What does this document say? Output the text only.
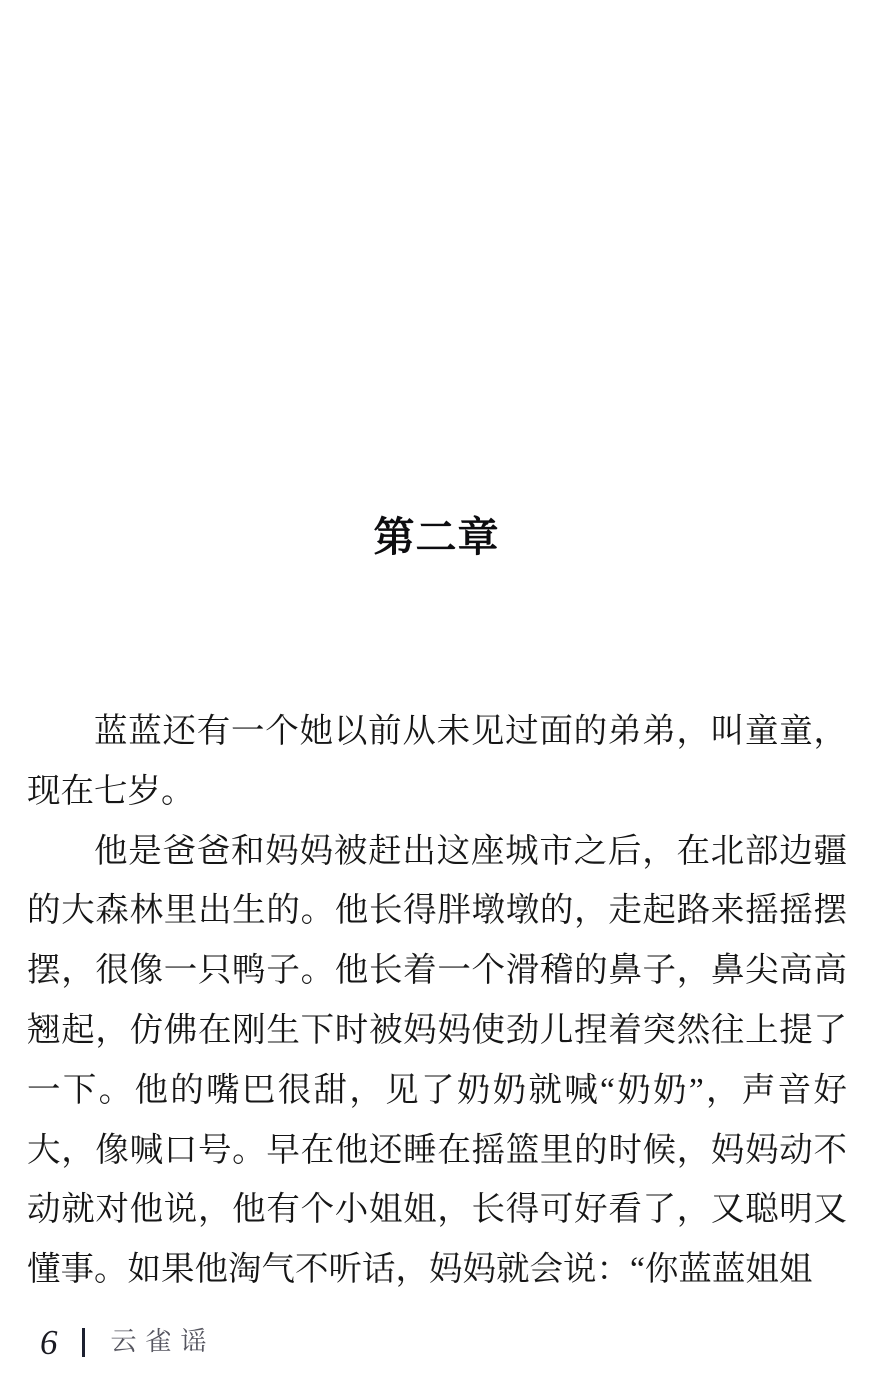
第二章

蓝蓝还有一个她以前从未见过面的弟弟，叫童童，现在七岁。

他是爸爸和妈妈被赶出这座城市之后，在北部边疆的大森林里出生的。他长得胖墩墩的，走起路来摇摇摆摆，很像一只鸭子。他长着一个滑稽的鼻子，鼻尖高高翘起，仿佛在刚生下时被妈妈使劲儿捏着突然往上提了一下。他的嘴巴很甜，见了奶奶就喊“奶奶”，声音好大，像喊口号。早在他还睡在摇篮里的时候，妈妈动不动就对他说，他有个小姐姐，长得可好看了，又聪明又懂事。如果他淘气不听话，妈妈就会说：“你蓝蓝姐姐

6 云雀谣
